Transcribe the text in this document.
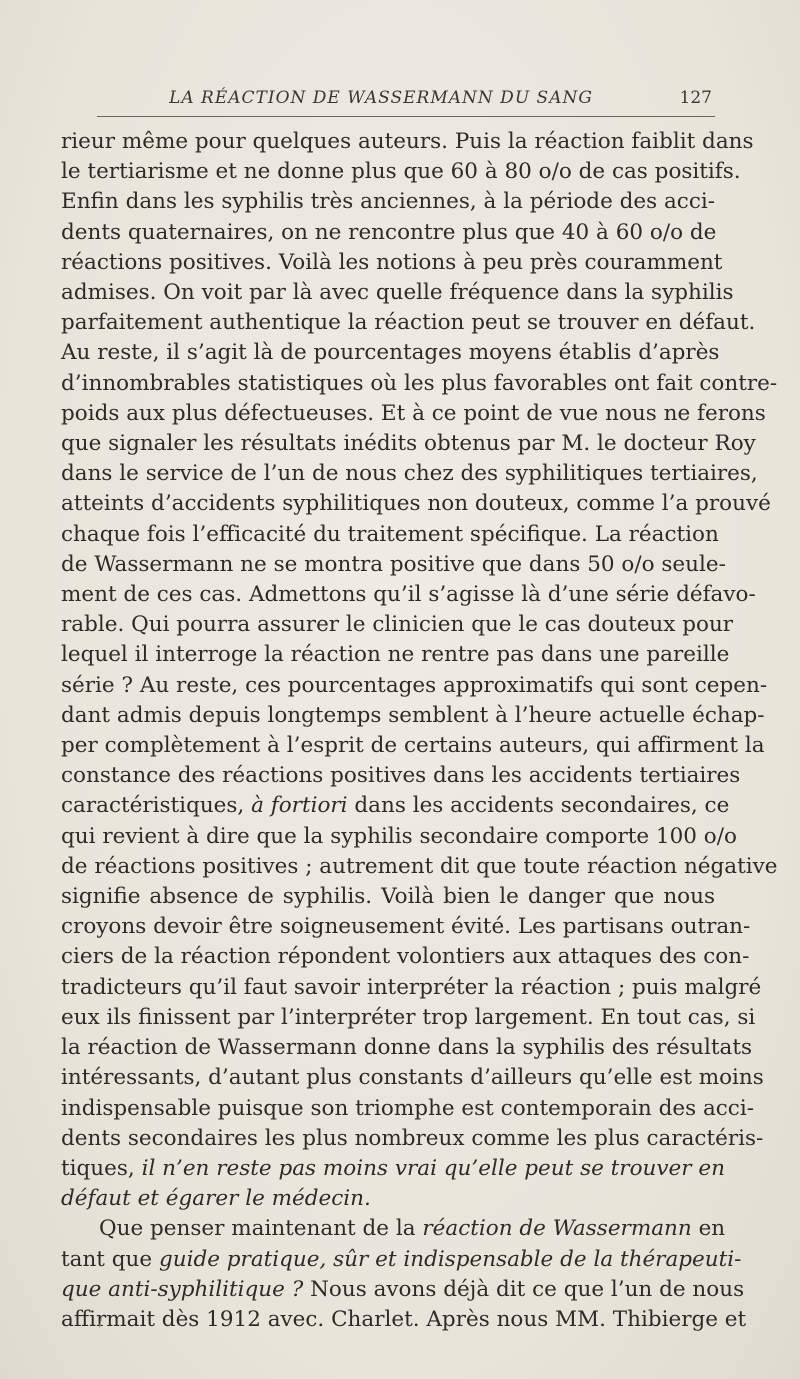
LA RÉACTION DE WASSERMANN DU SANG	127

rieur même pour quelques auteurs. Puis la réaction faiblit dans
le tertiarisme et ne donne plus que 60 à 80 o/o de cas positifs.
Enfin dans les syphilis très anciennes, à la période des acci-
dents quaternaires, on ne rencontre plus que 40 à 60 o/o de
réactions positives. Voilà les notions à peu près couramment
admises. On voit par là avec quelle fréquence dans la syphilis
parfaitement authentique la réaction peut se trouver en défaut.
Au reste, il s’agit là de pourcentages moyens établis d’après
d’innombrables statistiques où les plus favorables ont fait contre-
poids aux plus défectueuses. Et à ce point de vue nous ne ferons
que signaler les résultats inédits obtenus par M. le docteur Roy
dans le service de l’un de nous chez des syphilitiques tertiaires,
atteints d’accidents syphilitiques non douteux, comme l’a prouvé
chaque fois l’efficacité du traitement spécifique. La réaction
de Wassermann ne se montra positive que dans 50 o/o seule-
ment de ces cas. Admettons qu’il s’agisse là d’une série défavo-
rable. Qui pourra assurer le clinicien que le cas douteux pour
lequel il interroge la réaction ne rentre pas dans une pareille
série ? Au reste, ces pourcentages approximatifs qui sont cepen-
dant admis depuis longtemps semblent à l’heure actuelle échap-
per complètement à l’esprit de certains auteurs, qui affirment la
constance des réactions positives dans les accidents tertiaires
caractéristiques, à fortiori dans les accidents secondaires, ce
qui revient à dire que la syphilis secondaire comporte 100 o/o
de réactions positives ; autrement dit que toute réaction négative
signifie absence de syphilis. Voilà bien le danger que nous
croyons devoir être soigneusement évité. Les partisans outran-
ciers de la réaction répondent volontiers aux attaques des con-
tradicteurs qu’il faut savoir interpréter la réaction ; puis malgré
eux ils finissent par l’interpréter trop largement. En tout cas, si
la réaction de Wassermann donne dans la syphilis des résultats
intéressants, d’autant plus constants d’ailleurs qu’elle est moins
indispensable puisque son triomphe est contemporain des acci-
dents secondaires les plus nombreux comme les plus caractéris-
tiques, il n’en reste pas moins vrai qu’elle peut se trouver en
défaut et égarer le médecin.

Que penser maintenant de la réaction de Wassermann en
tant que guide pratique, sûr et indispensable de la thérapeuti-
que anti-syphilitique ? Nous avons déjà dit ce que l’un de nous
affirmait dès 1912 avec. Charlet. Après nous MM. Thibierge et
